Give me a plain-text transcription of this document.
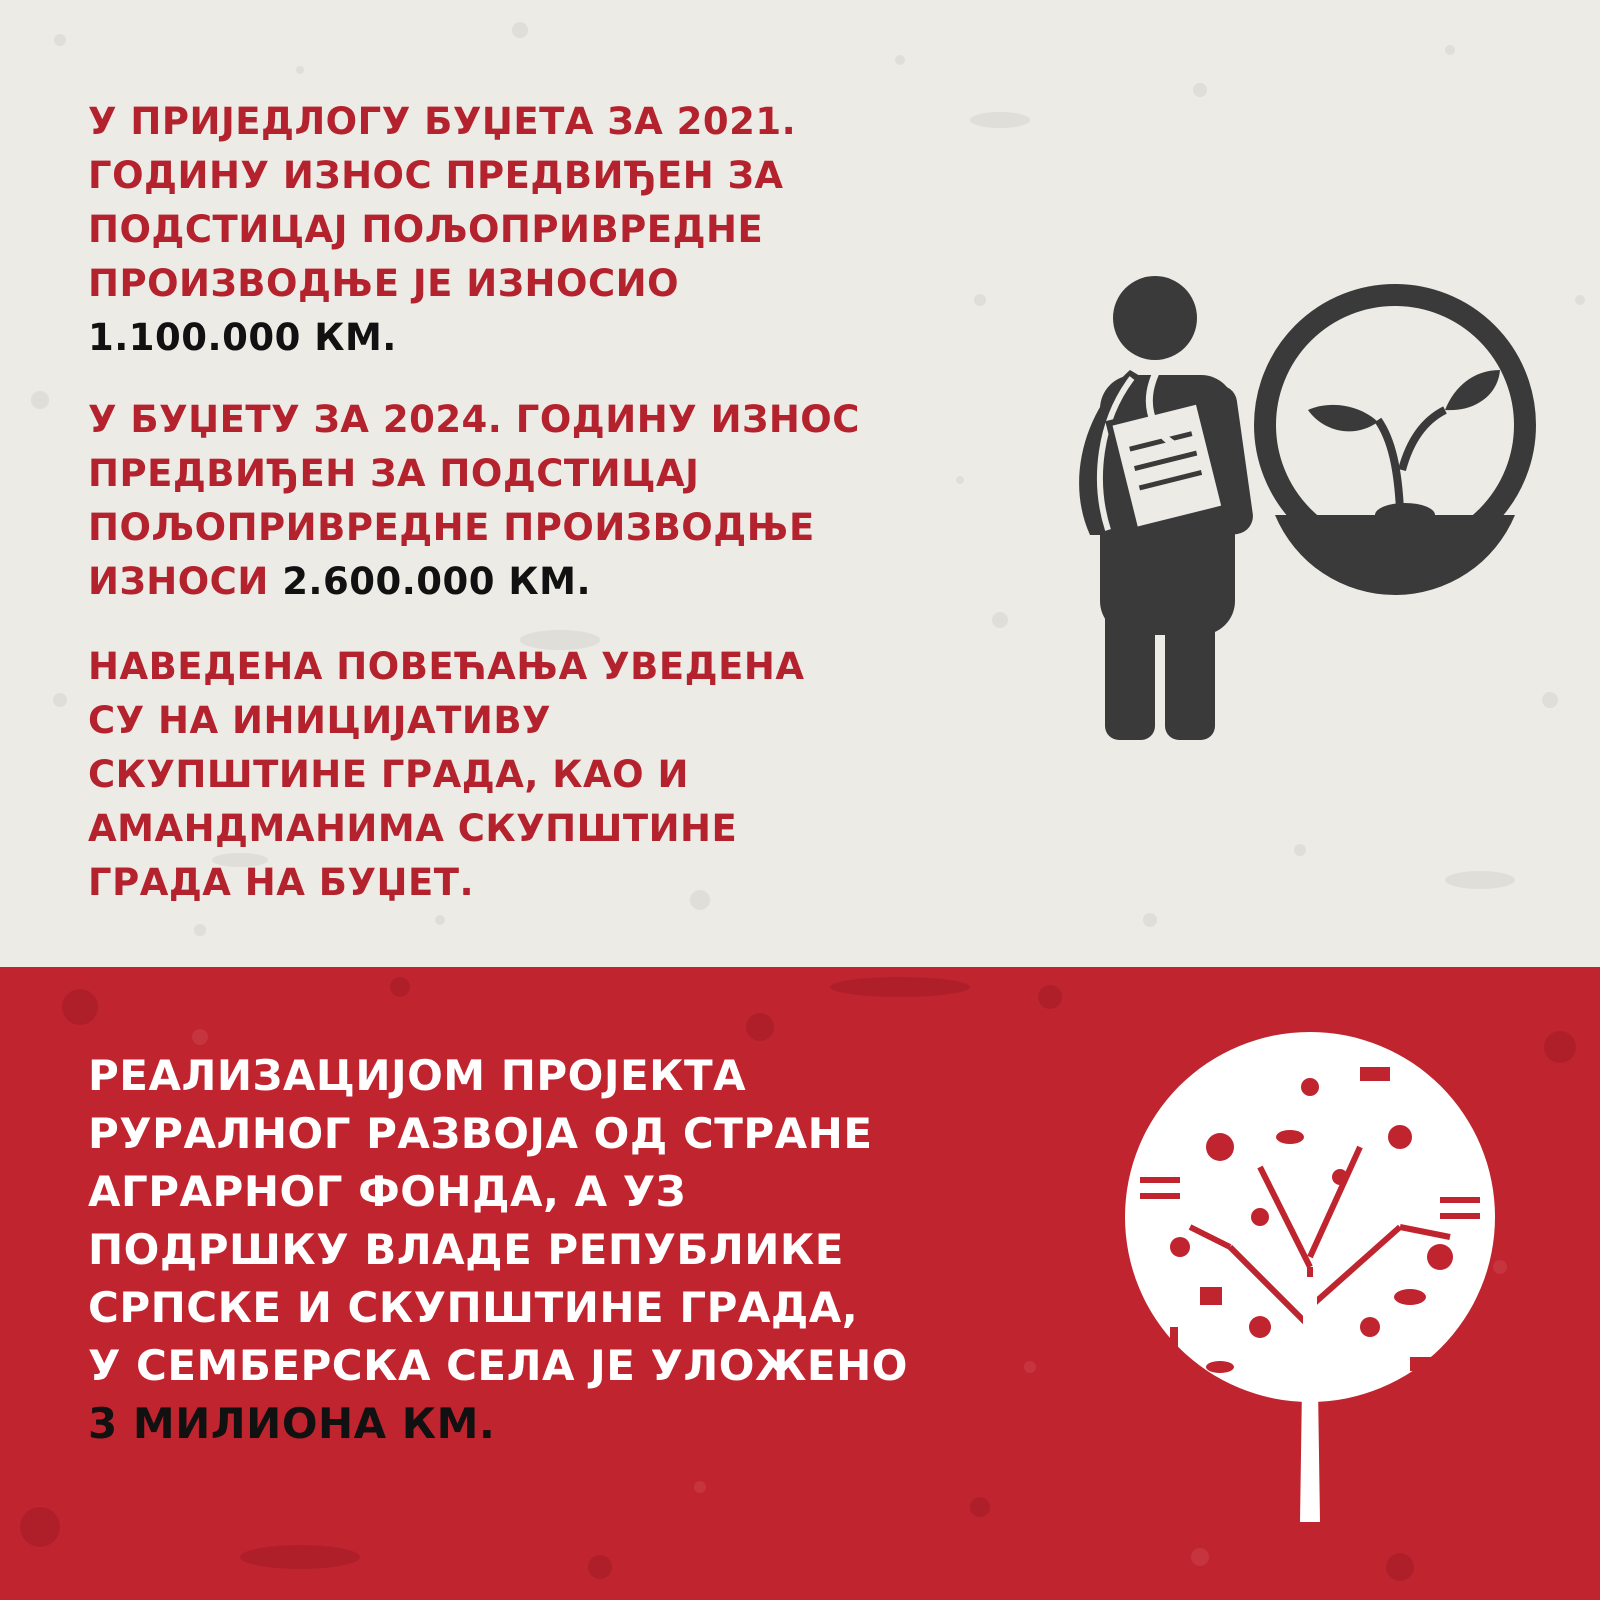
У ПРИЈЕДЛОГУ БУЏЕТА ЗА 2021.
ГОДИНУ ИЗНОС ПРЕДВИЂЕН ЗА
ПОДСТИЦАЈ ПОЉОПРИВРЕДНЕ
ПРОИЗВОДЊЕ ЈЕ ИЗНОСИО
1.100.000 КМ.

У БУЏЕТУ ЗА 2024. ГОДИНУ ИЗНОС
ПРЕДВИЂЕН ЗА ПОДСТИЦАЈ
ПОЉОПРИВРЕДНЕ ПРОИЗВОДЊЕ
ИЗНОСИ 2.600.000 КМ.

НАВЕДЕНА ПОВЕЋАЊА УВЕДЕНА
СУ НА ИНИЦИЈАТИВУ
СКУПШТИНЕ ГРАДА, КАО И
АМАНДМАНИМА СКУПШТИНЕ
ГРАДА НА БУЏЕТ.

РЕАЛИЗАЦИЈОМ ПРОЈЕКТА
РУРАЛНОГ РАЗВОЈА ОД СТРАНЕ
АГРАРНОГ ФОНДА, А УЗ
ПОДРШКУ ВЛАДЕ РЕПУБЛИКЕ
СРПСКЕ И СКУПШТИНЕ ГРАДА,
У СЕМБЕРСКА СЕЛА ЈЕ УЛОЖЕНО
3 МИЛИОНА КМ.
